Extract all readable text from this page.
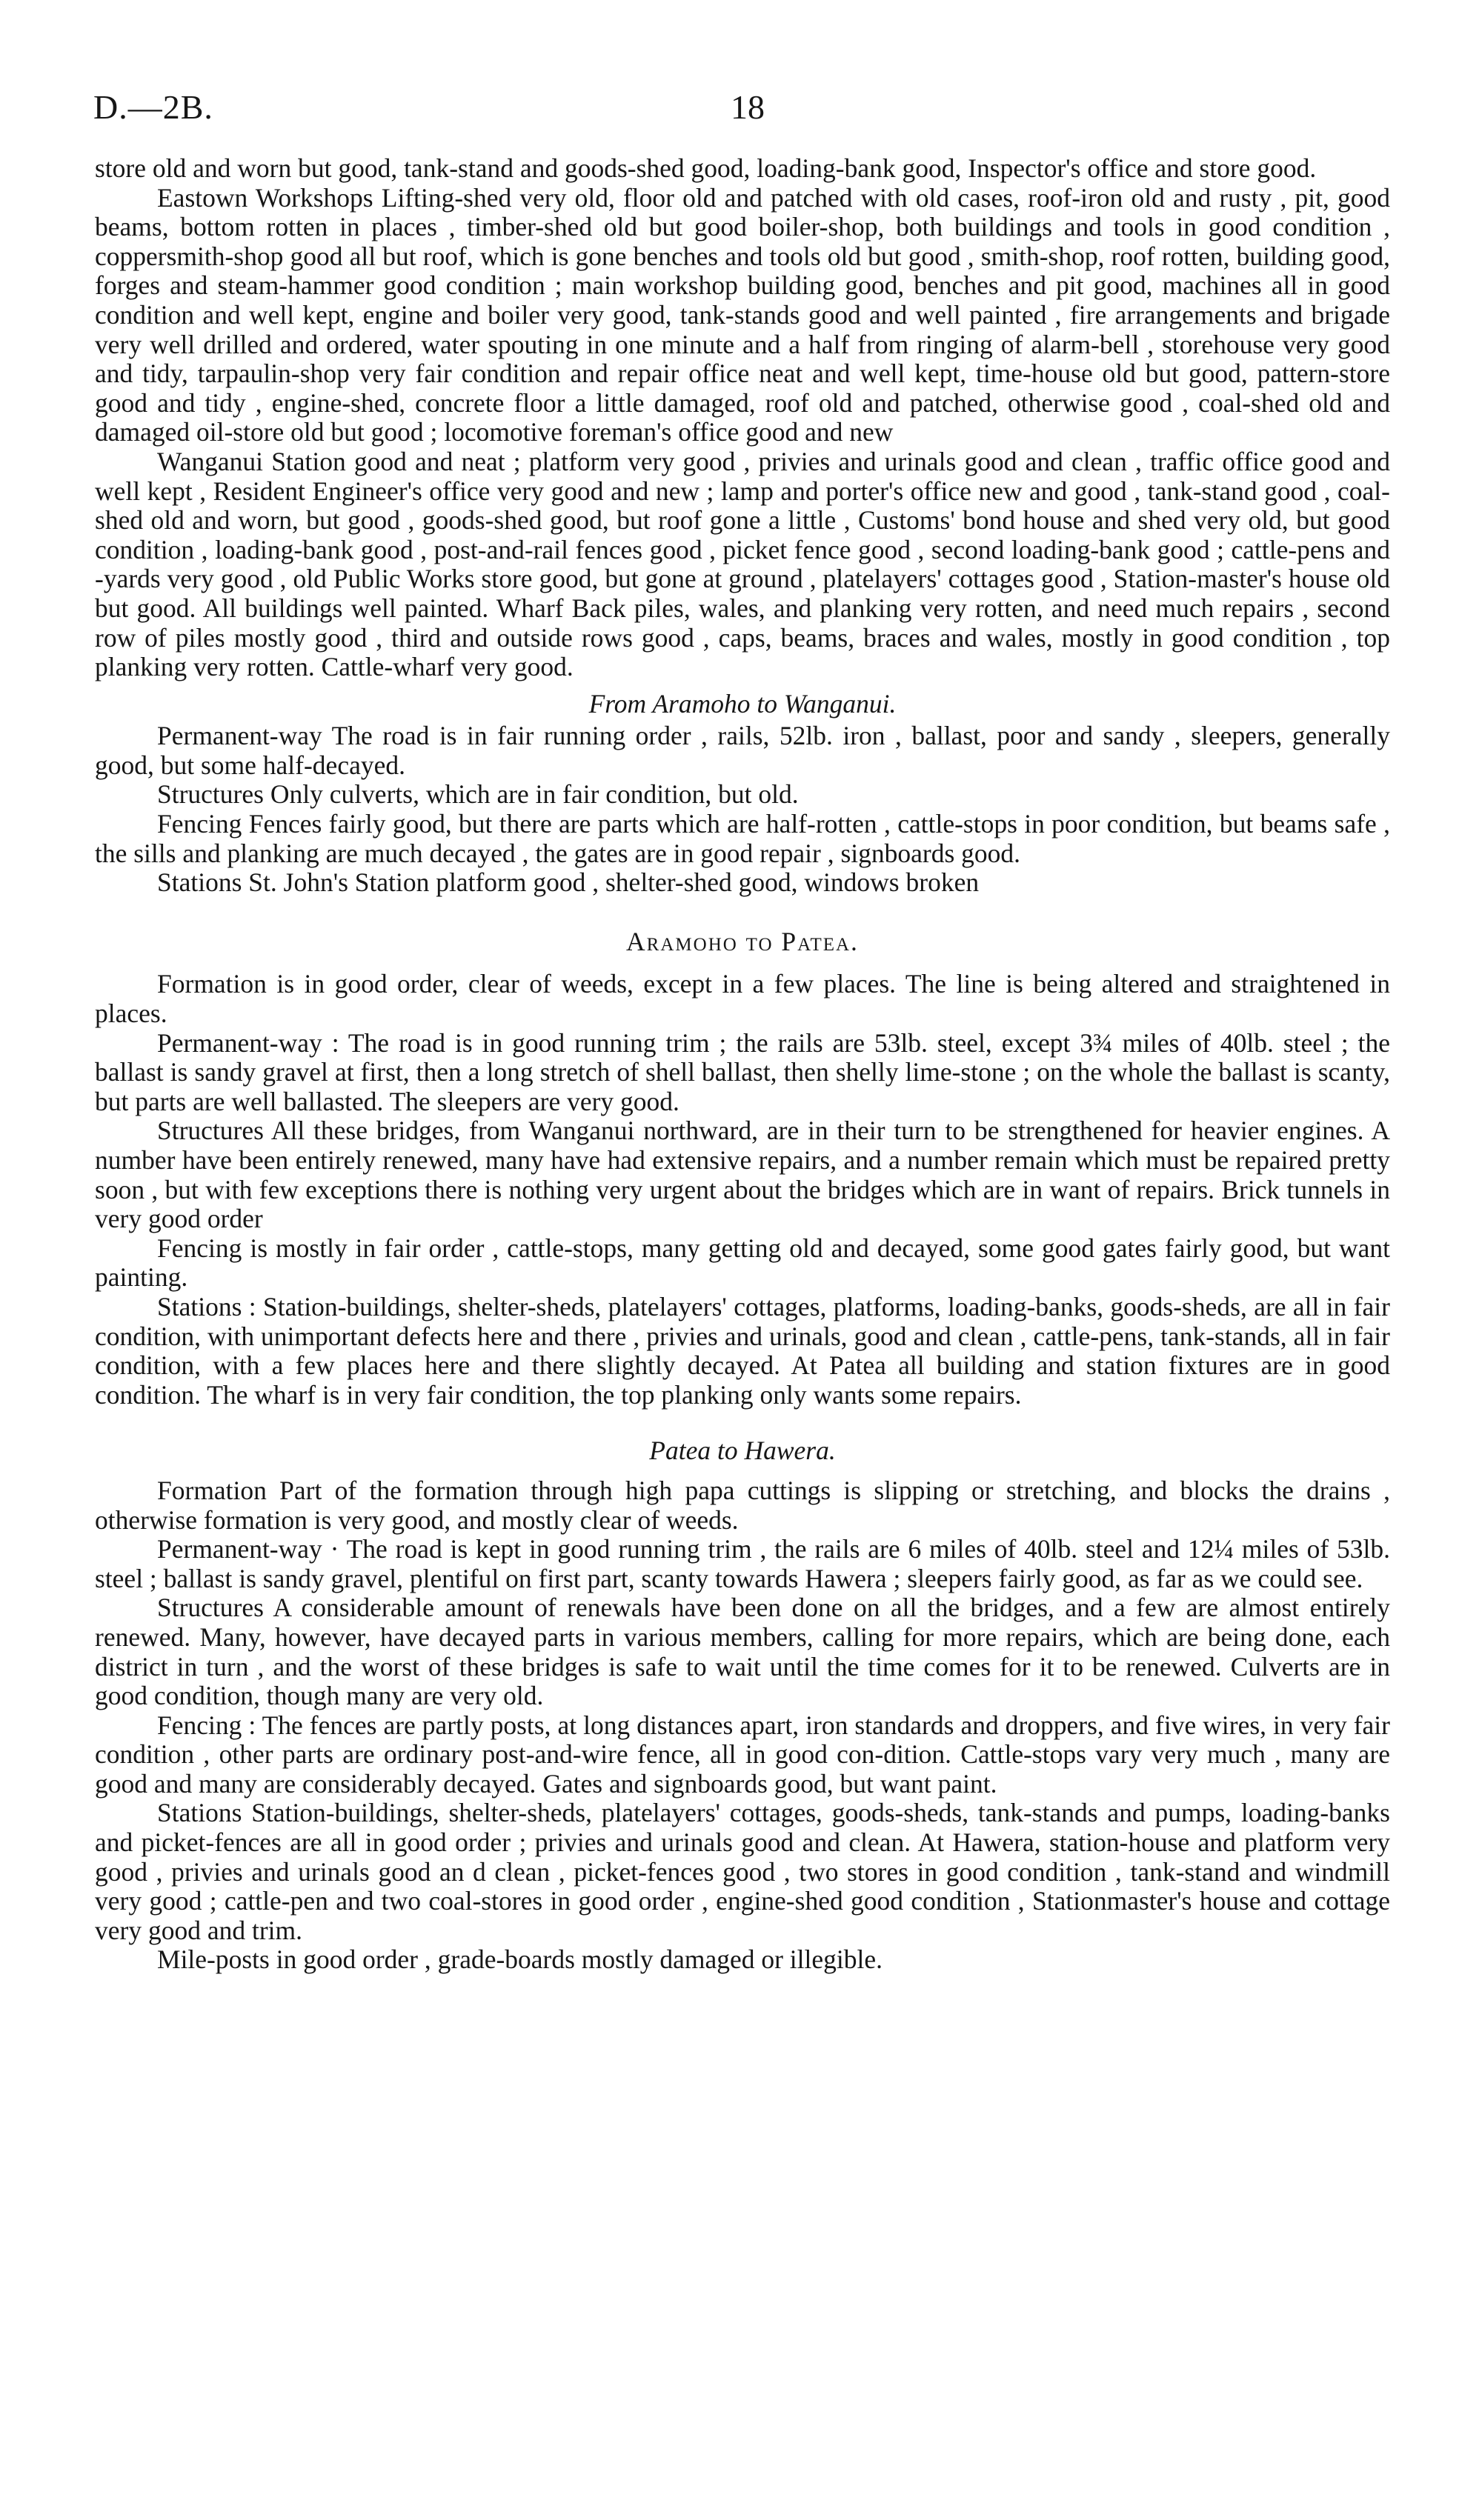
D.—2B.	18

store old and worn but good, tank-stand and goods-shed good, loading-bank good, Inspector's office and store good.

Eastown Workshops Lifting-shed very old, floor old and patched with old cases, roof-iron old and rusty , pit, good beams, bottom rotten in places , timber-shed old but good boiler-shop, both buildings and tools in good condition , coppersmith-shop good all but roof, which is gone benches and tools old but good , smith-shop, roof rotten, building good, forges and steam-hammer good condition ; main workshop building good, benches and pit good, machines all in good condition and well kept, engine and boiler very good, tank-stands good and well painted , fire arrangements and brigade very well drilled and ordered, water spouting in one minute and a half from ringing of alarm-bell , storehouse very good and tidy, tarpaulin-shop very fair condition and repair office neat and well kept, time-house old but good, pattern-store good and tidy , engine-shed, concrete floor a little damaged, roof old and patched, otherwise good , coal-shed old and damaged oil-store old but good ; locomotive foreman's office good and new

Wanganui Station good and neat ; platform very good , privies and urinals good and clean , traffic office good and well kept , Resident Engineer's office very good and new ; lamp and porter's office new and good , tank-stand good , coal-shed old and worn, but good , goods-shed good, but roof gone a little , Customs' bond house and shed very old, but good condition , loading-bank good , post-and-rail fences good , picket fence good , second loading-bank good ; cattle-pens and -yards very good , old Public Works store good, but gone at ground , platelayers' cottages good , Station-master's house old but good. All buildings well painted. Wharf Back piles, wales, and planking very rotten, and need much repairs , second row of piles mostly good , third and outside rows good , caps, beams, braces and wales, mostly in good condition , top planking very rotten. Cattle-wharf very good.

From Aramoho to Wanganui.

Permanent-way The road is in fair running order , rails, 52lb. iron , ballast, poor and sandy , sleepers, generally good, but some half-decayed.

Structures Only culverts, which are in fair condition, but old.

Fencing Fences fairly good, but there are parts which are half-rotten , cattle-stops in poor condition, but beams safe , the sills and planking are much decayed , the gates are in good repair , signboards good.

Stations St. John's Station platform good , shelter-shed good, windows broken

Aramoho to Patea.

Formation is in good order, clear of weeds, except in a few places. The line is being altered and straightened in places.

Permanent-way : The road is in good running trim ; the rails are 53lb. steel, except 3¾ miles of 40lb. steel ; the ballast is sandy gravel at first, then a long stretch of shell ballast, then shelly lime-stone ; on the whole the ballast is scanty, but parts are well ballasted. The sleepers are very good.

Structures All these bridges, from Wanganui northward, are in their turn to be strengthened for heavier engines. A number have been entirely renewed, many have had extensive repairs, and a number remain which must be repaired pretty soon , but with few exceptions there is nothing very urgent about the bridges which are in want of repairs. Brick tunnels in very good order

Fencing is mostly in fair order , cattle-stops, many getting old and decayed, some good gates fairly good, but want painting.

Stations : Station-buildings, shelter-sheds, platelayers' cottages, platforms, loading-banks, goods-sheds, are all in fair condition, with unimportant defects here and there , privies and urinals, good and clean , cattle-pens, tank-stands, all in fair condition, with a few places here and there slightly decayed. At Patea all building and station fixtures are in good condition. The wharf is in very fair condition, the top planking only wants some repairs.

Patea to Hawera.

Formation Part of the formation through high papa cuttings is slipping or stretching, and blocks the drains , otherwise formation is very good, and mostly clear of weeds.

Permanent-way · The road is kept in good running trim , the rails are 6 miles of 40lb. steel and 12¼ miles of 53lb. steel ; ballast is sandy gravel, plentiful on first part, scanty towards Hawera ; sleepers fairly good, as far as we could see.

Structures A considerable amount of renewals have been done on all the bridges, and a few are almost entirely renewed. Many, however, have decayed parts in various members, calling for more repairs, which are being done, each district in turn , and the worst of these bridges is safe to wait until the time comes for it to be renewed. Culverts are in good condition, though many are very old.

Fencing : The fences are partly posts, at long distances apart, iron standards and droppers, and five wires, in very fair condition , other parts are ordinary post-and-wire fence, all in good con-dition. Cattle-stops vary very much , many are good and many are considerably decayed. Gates and signboards good, but want paint.

Stations Station-buildings, shelter-sheds, platelayers' cottages, goods-sheds, tank-stands and pumps, loading-banks and picket-fences are all in good order ; privies and urinals good and clean. At Hawera, station-house and platform very good , privies and urinals good an d clean , picket-fences good , two stores in good condition , tank-stand and windmill very good ; cattle-pen and two coal-stores in good order , engine-shed good condition , Stationmaster's house and cottage very good and trim.

Mile-posts in good order , grade-boards mostly damaged or illegible.
